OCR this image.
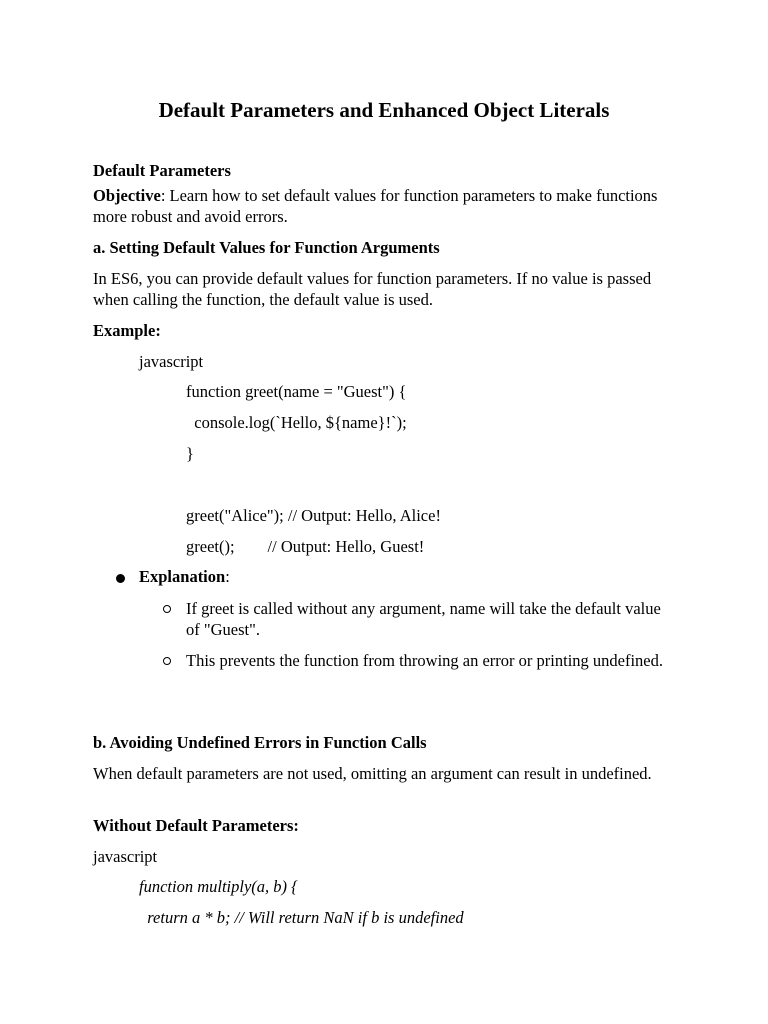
Default Parameters and Enhanced Object Literals
Default Parameters
Objective: Learn how to set default values for function parameters to make functions more robust and avoid errors.
a. Setting Default Values for Function Arguments
In ES6, you can provide default values for function parameters. If no value is passed when calling the function, the default value is used.
Example:
javascript
function greet(name = "Guest") {
console.log(`Hello, ${name}!`);
}
greet("Alice"); // Output: Hello, Alice!
greet();        // Output: Hello, Guest!
Explanation:
If greet is called without any argument, name will take the default value of "Guest".
This prevents the function from throwing an error or printing undefined.
b. Avoiding Undefined Errors in Function Calls
When default parameters are not used, omitting an argument can result in undefined.
Without Default Parameters:
javascript
function multiply(a, b) {
return a * b; // Will return NaN if b is undefined
